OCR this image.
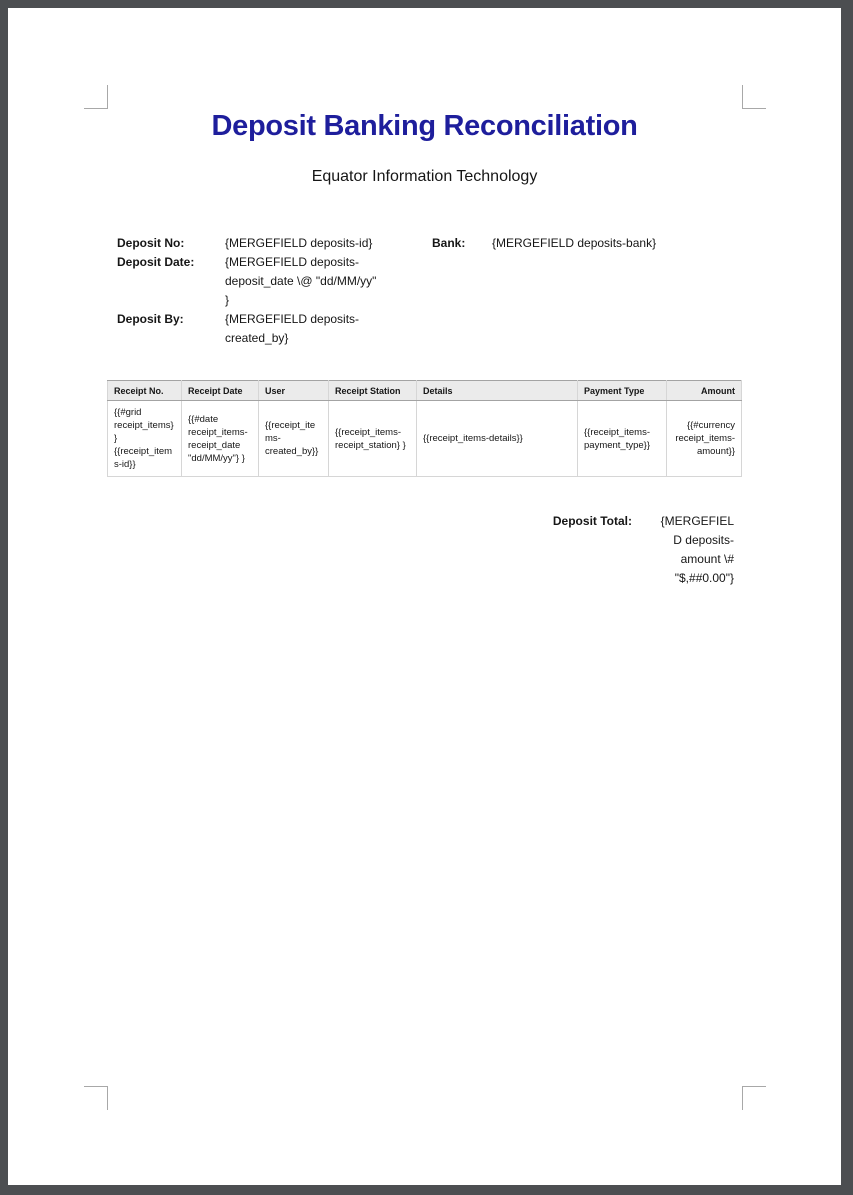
Deposit Banking Reconciliation
Equator Information Technology
Deposit No:	{MERGEFIELD deposits-id}	Bank:	{MERGEFIELD deposits-bank}
Deposit Date:	{MERGEFIELD deposits-deposit_date \@ "dd/MM/yy" }
Deposit By:	{MERGEFIELD deposits-created_by}
Receipt No.	Receipt Date	User	Receipt Station	Details	Payment Type	Amount
{{#grid receipt_items}}{{receipt_items-id}}	{{#date receipt_items-receipt_date "dd/MM/yy"} }	{{receipt_items-created_by}}	{{receipt_items-receipt_station} }	{{receipt_items-details}}	{{receipt_items-payment_type}}	{{#currency receipt_items-amount}}
Deposit Total:	{MERGEFIELD deposits-amount \# "$,##0.00"}
